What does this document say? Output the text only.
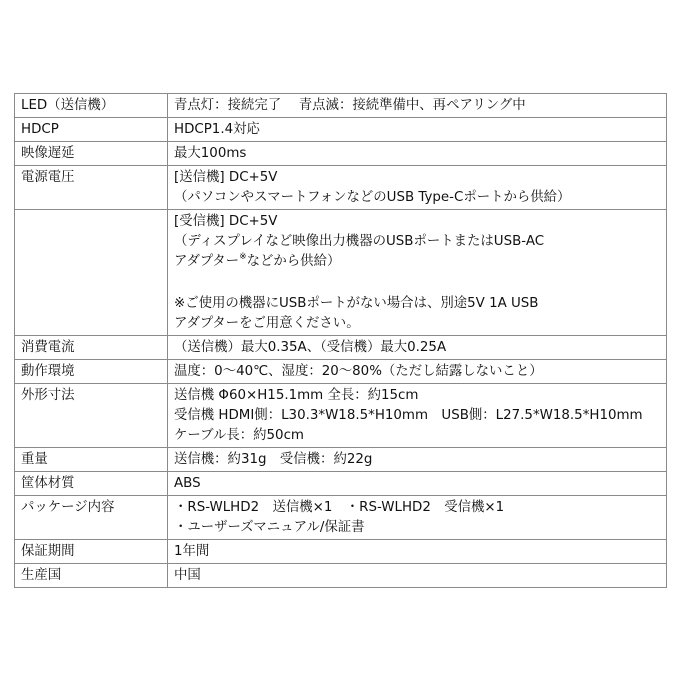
LED（送信機）	青点灯：接続完了　 青点滅：接続準備中、再ペアリング中

HDCP	HDCP1.4対応

映像遅延	最大100ms

電源電圧	[送信機] DC+5V
（パソコンやスマートフォンなどのUSB Type-Cポートから供給）

	[受信機] DC+5V
（ディスプレイなど映像出力機器のUSBポートまたはUSB-AC
アダプター※などから供給）
※ご使用の機器にUSBポートがない場合は、別途5V 1A USB
アダプターをご用意ください。

消費電流	（送信機）最大0.35A、（受信機）最大0.25A

動作環境	温度：0～40℃、湿度：20～80%（ただし結露しないこと）

外形寸法	送信機 Φ60×H15.1mm 全長：約15cm
受信機 HDMI側：L30.3*W18.5*H10mm　USB側：L27.5*W18.5*H10mm
ケーブル長：約50cm

重量	送信機：約31g　受信機：約22g

筐体材質	ABS

パッケージ内容	・RS-WLHD2　送信機×1　・RS-WLHD2　受信機×1
・ユーザーズマニュアル/保証書

保証期間	1年間

生産国	中国
